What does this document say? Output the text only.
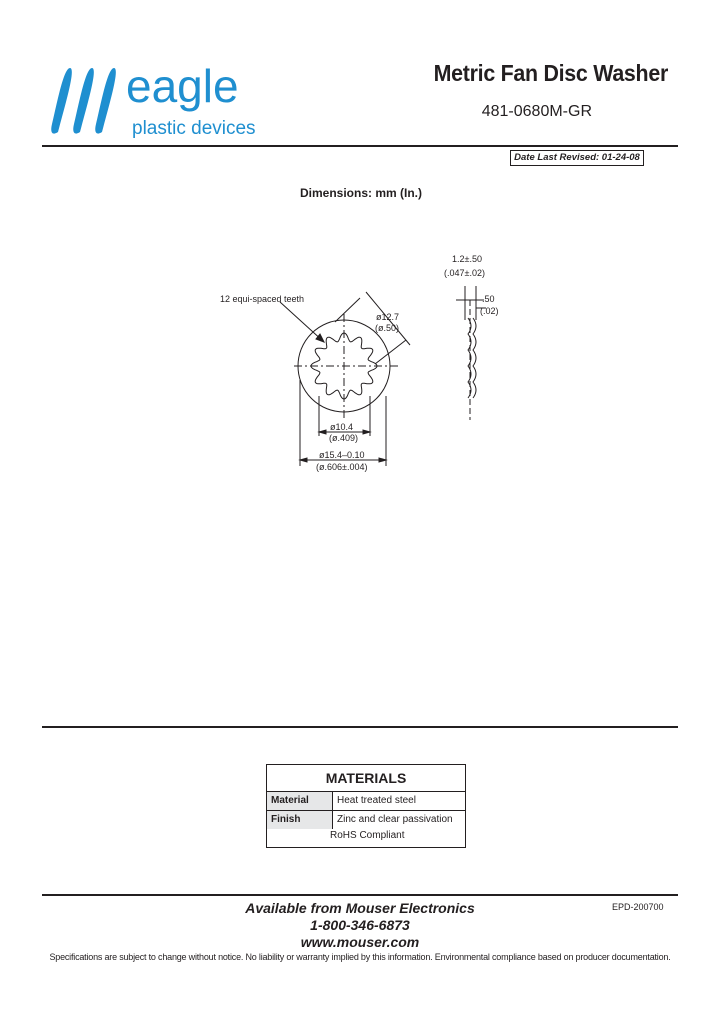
eagle
plastic devices
Metric Fan Disc Washer
481-0680M-GR
Date Last Revised: 01-24-08
Dimensions: mm (In.)
12 equi-spaced teeth
ø12.7
(ø.50)
ø10.4
(ø.409)
ø15.4–0.10
(ø.606±.004)
1.2±.50
(.047±.02)
.50
(.02)
MATERIALS
Material	Heat treated steel
Finish	Zinc and clear passivation
RoHS Compliant
Available from Mouser Electronics
1-800-346-6873
www.mouser.com
EPD-200700
Specifications are subject to change without notice. No liability or warranty implied by this information. Environmental compliance based on producer documentation.
